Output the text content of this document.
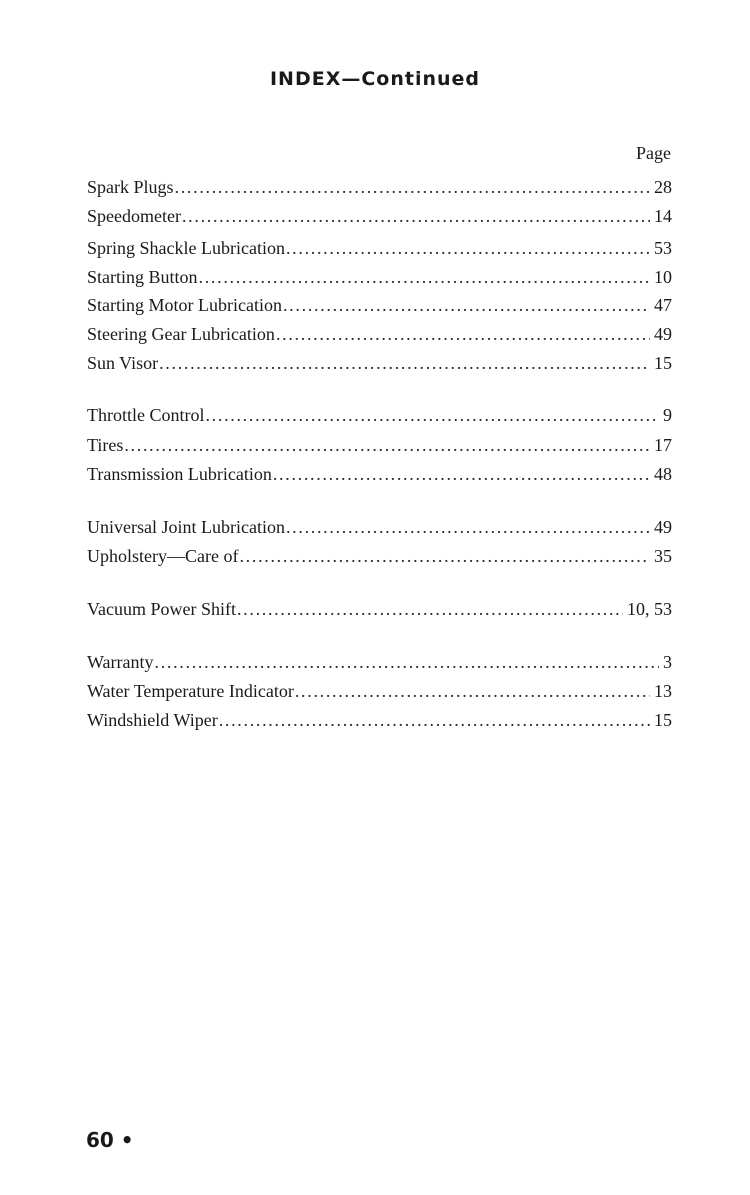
INDEX—Continued
Page
Spark Plugs . . .	28
Speedometer . . .	14
Spring Shackle Lubrication . . .	53
Starting Button . . .	10
Starting Motor Lubrication . . .	47
Steering Gear Lubrication . . .	49
Sun Visor . . .	15
Throttle Control . . .	9
Tires . . .	17
Transmission Lubrication . . .	48
Universal Joint Lubrication . . .	49
Upholstery—Care of . . .	35
Vacuum Power Shift . . .	10, 53
Warranty . . .	3
Water Temperature Indicator . . .	13
Windshield Wiper . . .	15
60 •
